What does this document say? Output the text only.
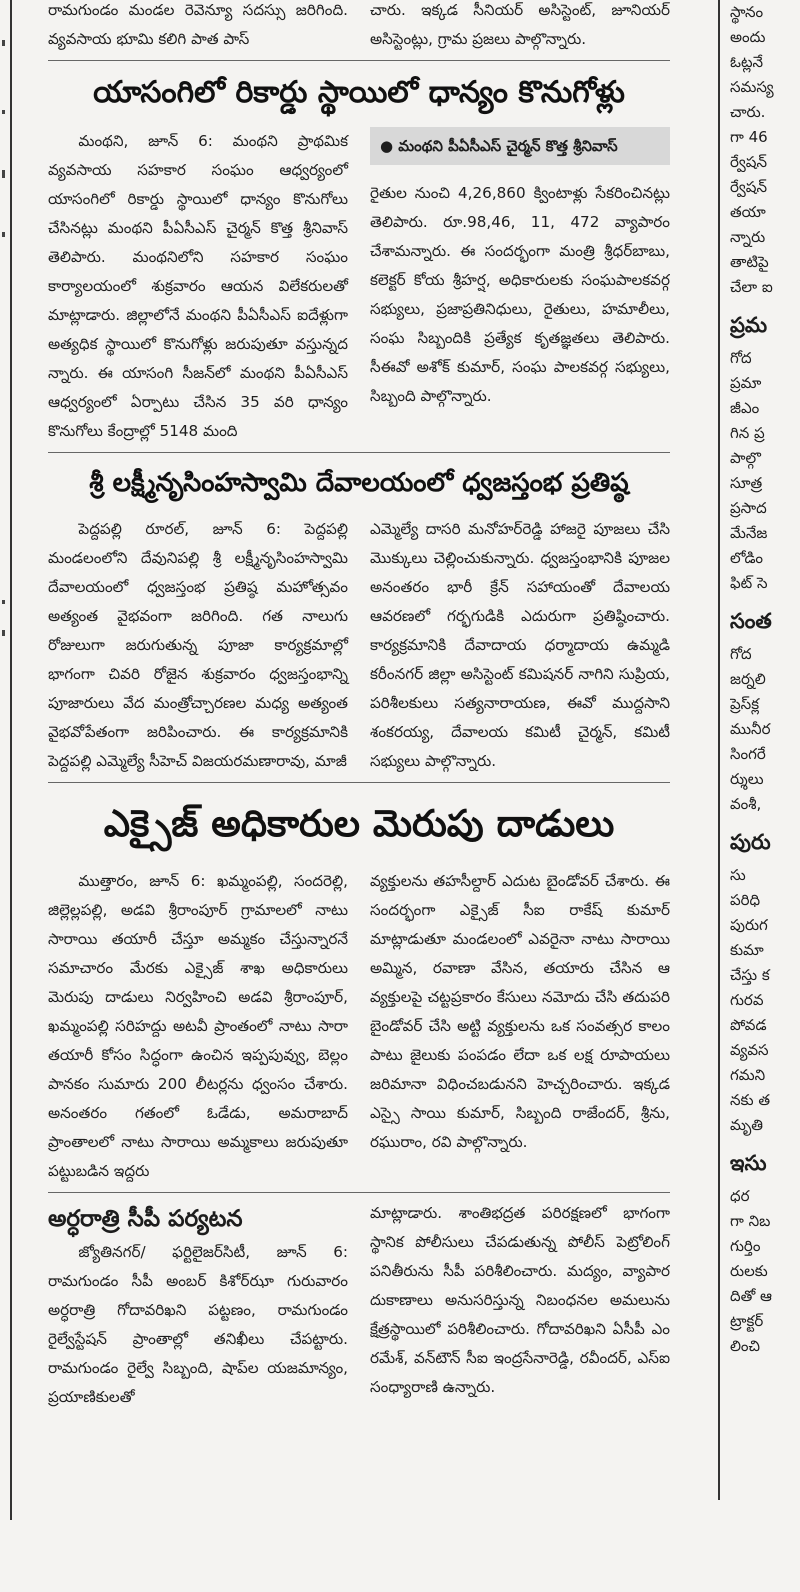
రామగుండం మండల రెవెన్యూ సదస్సు జరిగింది. వ్యవసాయ భూమి కలిగి పాత పాస్
చారు. ఇక్కడ సీనియర్ అసిస్టెంట్, జూనియర్ అసిస్టెంట్లు, గ్రామ ప్రజలు పాల్గొన్నారు.
యాసంగిలో రికార్డు స్థాయిలో ధాన్యం కొనుగోళ్లు

మంథని, జూన్ 6: మంథని ప్రాథమిక వ్యవసాయ సహకార సంఘం ఆధ్వర్యంలో యాసంగిలో రికార్డు స్థాయిలో ధాన్యం కొనుగోలు చేసినట్లు మంథని పీఏసీఎస్ చైర్మన్ కొత్త శ్రీనివాస్ తెలిపారు. మంథనిలోని సహకార సంఘం కార్యాలయంలో శుక్రవారం ఆయన విలేకరులతో మాట్లాడారు. జిల్లాలోనే మంథని పీఏసీఎస్ ఐదేళ్లుగా అత్యధిక స్థాయిలో కొనుగోళ్లు జరుపుతూ వస్తున్నద న్నారు. ఈ యాసంగి సీజన్‌లో మంథని పీఏసీఎస్ ఆధ్వర్యంలో ఏర్పాటు చేసిన 35 వరి ధాన్యం కొనుగోలు కేంద్రాల్లో 5148 మంది

● మంథని పీఏసీఎస్ చైర్మన్ కొత్త శ్రీనివాస్

రైతుల నుంచి 4,26,860 క్వింటాళ్లు సేకరించినట్లు తెలిపారు. రూ.98,46, 11, 472 వ్యాపారం చేశామన్నారు. ఈ సందర్భంగా మంత్రి శ్రీధర్‌బాబు, కలెక్టర్ కోయ శ్రీహర్ష, అధికారులకు సంఘపాలకవర్గ సభ్యులు, ప్రజాప్రతినిధులు, రైతులు, హమాలీలు, సంఘ సిబ్బందికి ప్రత్యేక కృతజ్ఞతలు తెలిపారు. సీఈవో అశోక్ కుమార్, సంఘ పాలకవర్గ సభ్యులు, సిబ్బంది పాల్గొన్నారు.

శ్రీ లక్ష్మీనృసింహస్వామి దేవాలయంలో ధ్వజస్తంభ ప్రతిష్ఠ

పెద్దపల్లి రూరల్, జూన్ 6: పెద్దపల్లి మండలంలోని దేవునిపల్లి శ్రీ లక్ష్మీనృసింహస్వామి దేవాలయంలో ధ్వజస్తంభ ప్రతిష్ఠ మహోత్సవం అత్యంత వైభవంగా జరిగింది. గత నాలుగు రోజులుగా జరుగుతున్న పూజా కార్యక్రమాల్లో భాగంగా చివరి రోజైన శుక్రవారం ధ్వజస్తంభాన్ని పూజారులు వేద మంత్రోచ్చారణల మధ్య అత్యంత వైభవోపేతంగా జరిపించారు. ఈ కార్యక్రమానికి పెద్దపల్లి ఎమ్మెల్యే సీహెచ్ విజయరమణారావు, మాజీ

ఎమ్మెల్యే దాసరి మనోహర్‌రెడ్డి హాజరై పూజలు చేసి మొక్కులు చెల్లించుకున్నారు. ధ్వజస్తంభానికి పూజల అనంతరం భారీ క్రేన్ సహాయంతో దేవాలయ ఆవరణలో గర్భగుడికి ఎదురుగా ప్రతిష్ఠించారు. కార్యక్రమానికి దేవాదాయ ధర్మాదాయ ఉమ్మడి కరీంనగర్ జిల్లా అసిస్టెంట్ కమిషనర్ నాగిని సుప్రియ, పరిశీలకులు సత్యనారాయణ, ఈవో ముద్దసాని శంకరయ్య, దేవాలయ కమిటీ చైర్మన్, కమిటీ సభ్యులు పాల్గొన్నారు.

ఎక్సైజ్ అధికారుల మెరుపు దాడులు

ముత్తారం, జూన్ 6: ఖమ్మంపల్లి, సందరెల్లి, జిల్లెల్లపల్లి, అడవి శ్రీరాంపూర్ గ్రామాలలో నాటు సారాయి తయారీ చేస్తూ అమ్మకం చేస్తున్నారనే సమాచారం మేరకు ఎక్సైజ్ శాఖ అధికారులు మెరుపు దాడులు నిర్వహించి అడవి శ్రీరాంపూర్, ఖమ్మంపల్లి సరిహద్దు అటవీ ప్రాంతంలో నాటు సారా తయారీ కోసం సిద్ధంగా ఉంచిన ఇప్పపువ్వు, బెల్లం పానకం సుమారు 200 లీటర్లను ధ్వంసం చేశారు. అనంతరం గతంలో ఓడేడు, అమరాబాద్ ప్రాంతాలలో నాటు సారాయి అమ్మకాలు జరుపుతూ పట్టుబడిన ఇద్దరు

వ్యక్తులను తహసీల్దార్ ఎదుట బైండోవర్ చేశారు. ఈ సందర్భంగా ఎక్సైజ్ సీఐ రాకేష్ కుమార్ మాట్లాడుతూ మండలంలో ఎవరైనా నాటు సారాయి అమ్మిన, రవాణా వేసిన, తయారు చేసిన ఆ వ్యక్తులపై చట్టప్రకారం కేసులు నమోదు చేసి తదుపరి బైండోవర్ చేసి అట్టి వ్యక్తులను ఒక సంవత్సర కాలం పాటు జైలుకు పంపడం లేదా ఒక లక్ష రూపాయలు జరిమానా విధించబడునని హెచ్చరించారు. ఇక్కడ ఎస్సై సాయి కుమార్, సిబ్బంది రాజేందర్, శ్రీను, రఘురాం, రవి పాల్గొన్నారు.

అర్ధరాత్రి సీపీ పర్యటన

జ్యోతినగర్/ ఫర్టిలైజర్‌సిటీ, జూన్ 6: రామగుండం సీపీ అంబర్ కిశోర్‌ఝా గురువారం అర్ధరాత్రి గోదావరిఖని పట్టణం, రామగుండం రైల్వేస్టేషన్ ప్రాంతాల్లో తనిఖీలు చేపట్టారు. రామగుండం రైల్వే సిబ్బంది, షాప్‌ల యజమాన్యం, ప్రయాణికులతో

మాట్లాడారు. శాంతిభద్రత పరిరక్షణలో భాగంగా స్థానిక పోలీసులు చేపడుతున్న పోలీస్ పెట్రోలింగ్ పనితీరును సీపీ పరిశీలించారు. మద్యం, వ్యాపార దుకాణాలు అనుసరిస్తున్న నిబంధనల అమలును క్షేత్రస్థాయిలో పరిశీలించారు. గోదావరిఖని ఏసీపీ ఎం రమేశ్, వన్‌టౌన్ సీఐ ఇంద్రసేనారెడ్డి, రవీందర్, ఎస్ఐ సంధ్యారాణి ఉన్నారు.

స్థానం
అందు
ఓట్లనే
సమస్య
చారు.
గా 46
ర్వేషన్
ర్వేషన్
తయా
న్నారు
తాటిపై
చేలా ఐ
ప్రమ
గోద
ప్రమా
జీఎం
గిన ప్ర
పాల్గొ
సూత్ర
ప్రసాద
మేనేజ
లోడిం
ఫిట్ సె
సంత
గోద
జర్నలి
ప్రెస్‌క్ల
మునీర
సింగరే
ర్శులు
వంశీ,
పురు
సు
పరిధి
పురుగ
కుమా
చేస్తు క
గురవ
పోవడ
వ్యవస
గమని
నకు త
మృతి
ఇసు
ధర
గా నిబ
గుర్తిం
రులకు
దితో ఆ
ట్రాక్టర్
లించి
